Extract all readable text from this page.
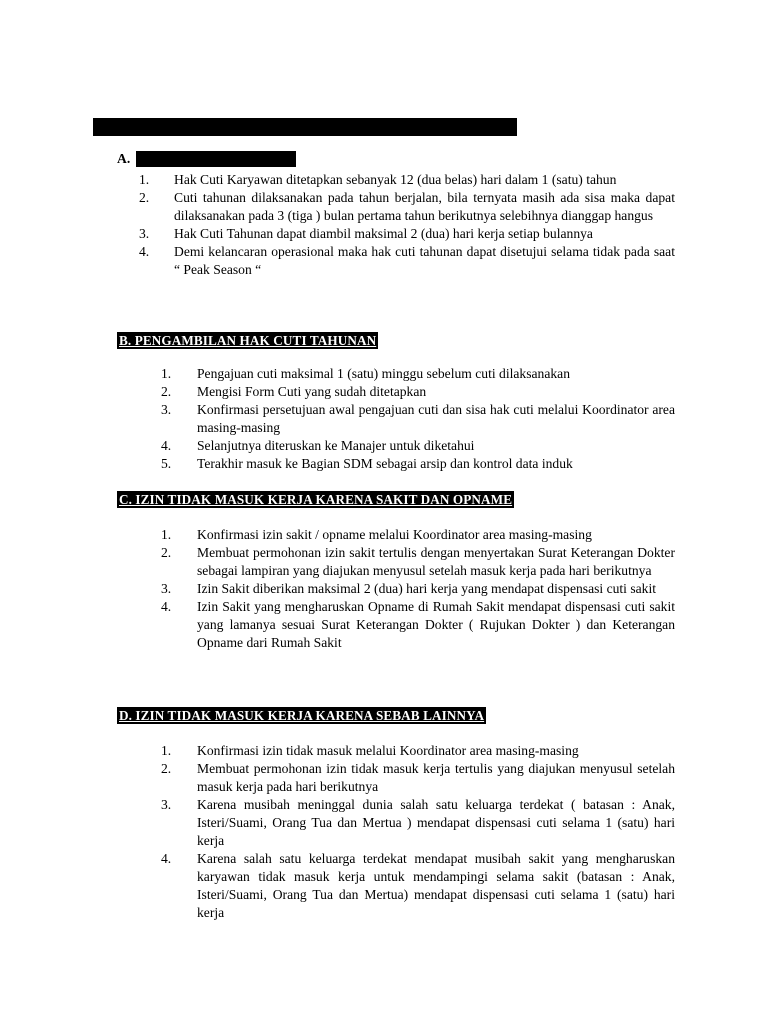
A.
1.	Hak Cuti Karyawan ditetapkan sebanyak 12 (dua belas) hari dalam 1 (satu) tahun
2. Cuti tahunan dilaksanakan pada tahun berjalan, bila ternyata masih ada sisa maka dapat dilaksanakan pada 3 (tiga ) bulan pertama tahun berikutnya selebihnya dianggap hangus
3. Hak Cuti Tahunan dapat diambil maksimal 2 (dua) hari kerja setiap bulannya
4. Demi kelancaran operasional maka hak cuti tahunan dapat disetujui selama tidak pada saat “ Peak Season “
B. PENGAMBILAN HAK CUTI TAHUNAN
1. Pengajuan cuti maksimal 1 (satu) minggu sebelum cuti dilaksanakan
2. Mengisi Form Cuti yang sudah ditetapkan
3. Konfirmasi persetujuan awal pengajuan cuti dan sisa hak cuti melalui Koordinator area masing-masing
4. Selanjutnya diteruskan ke Manajer untuk diketahui
5. Terakhir masuk ke Bagian SDM sebagai arsip dan kontrol data induk
C. IZIN TIDAK MASUK KERJA KARENA SAKIT DAN OPNAME
1. Konfirmasi izin sakit / opname melalui Koordinator area masing-masing
2. Membuat permohonan izin sakit tertulis dengan menyertakan Surat Keterangan Dokter sebagai lampiran yang diajukan menyusul setelah masuk kerja pada hari berikutnya
3. Izin Sakit diberikan maksimal 2 (dua) hari kerja yang mendapat dispensasi cuti sakit
4. Izin Sakit yang mengharuskan Opname di Rumah Sakit mendapat dispensasi cuti sakit yang lamanya sesuai Surat Keterangan Dokter ( Rujukan Dokter ) dan Keterangan Opname dari Rumah Sakit
D. IZIN TIDAK MASUK KERJA KARENA SEBAB LAINNYA
1. Konfirmasi izin tidak masuk melalui Koordinator area masing-masing
2. Membuat permohonan izin tidak masuk kerja tertulis yang diajukan menyusul setelah masuk kerja pada hari berikutnya
3. Karena musibah meninggal dunia salah satu keluarga terdekat ( batasan : Anak, Isteri/Suami, Orang Tua dan Mertua ) mendapat dispensasi cuti selama 1 (satu) hari kerja
4. Karena salah satu keluarga terdekat mendapat musibah sakit yang mengharuskan karyawan tidak masuk kerja untuk mendampingi selama sakit (batasan : Anak, Isteri/Suami, Orang Tua dan Mertua) mendapat dispensasi cuti selama 1 (satu) hari kerja
